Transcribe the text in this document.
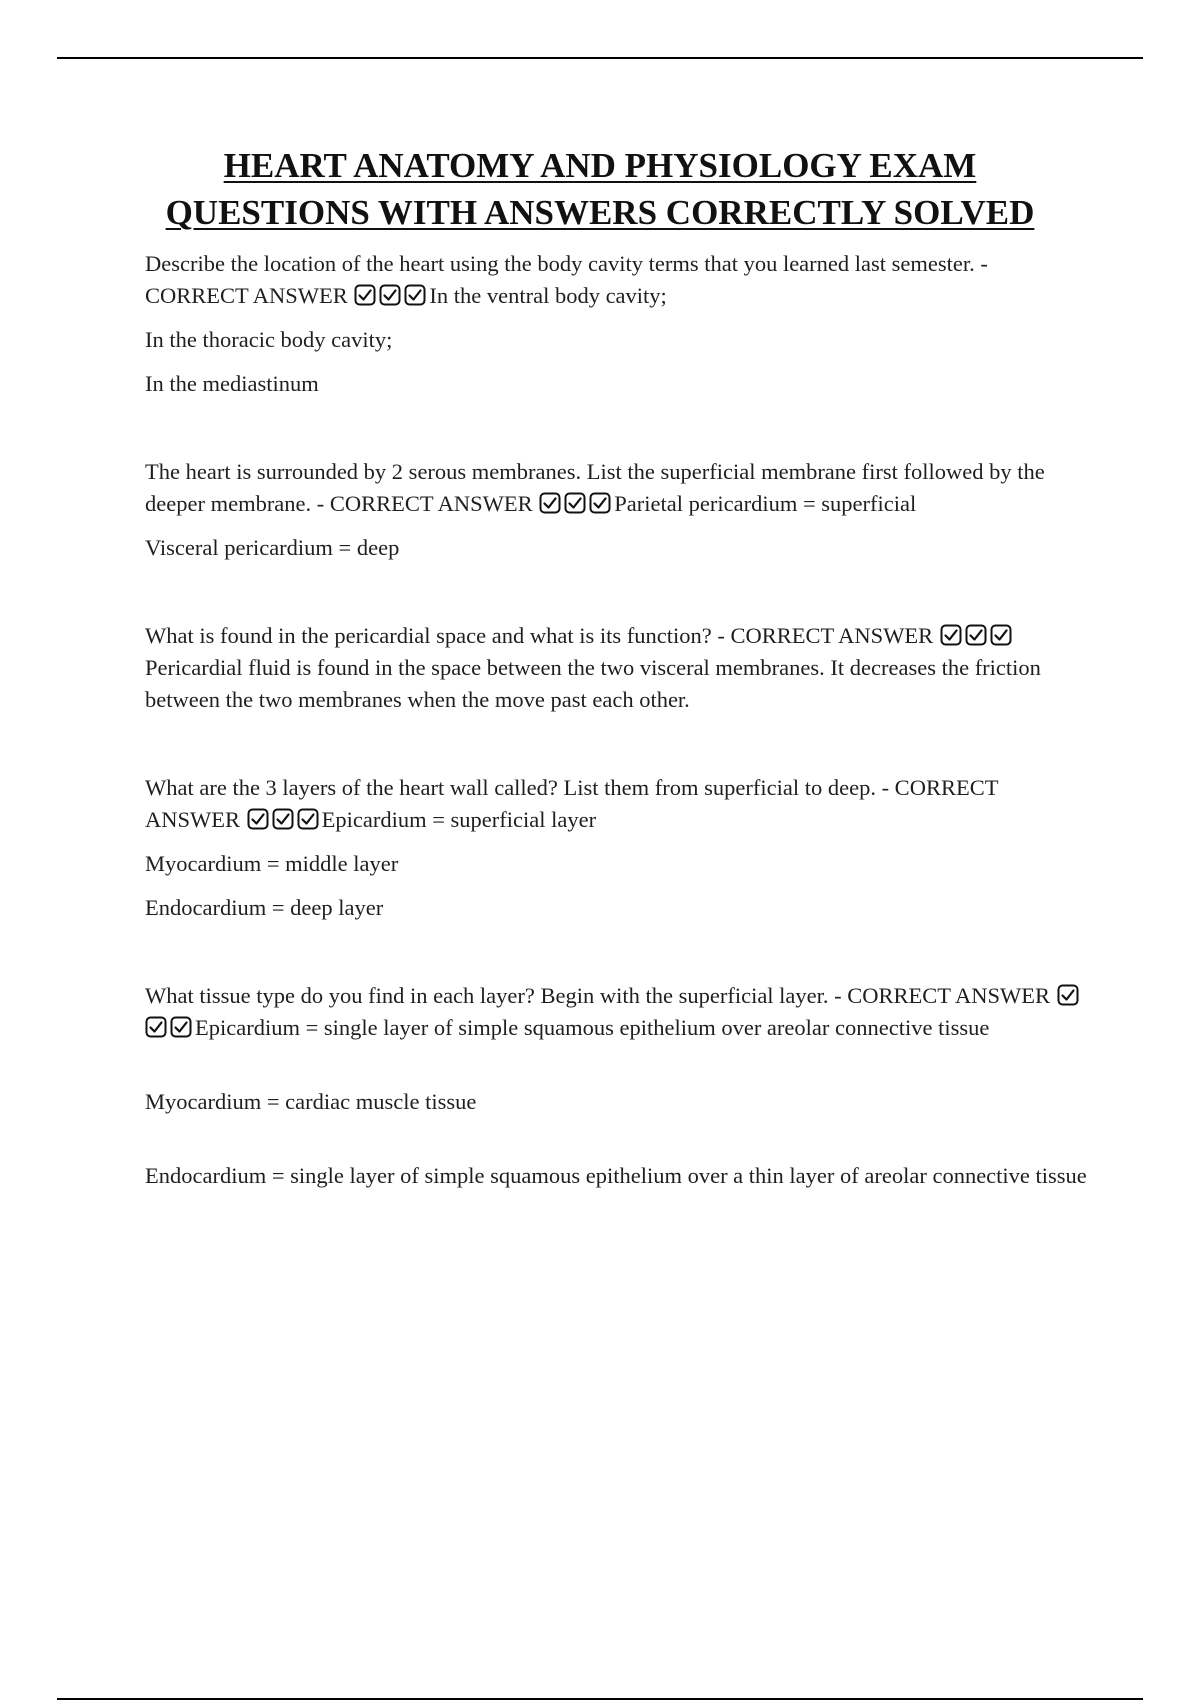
HEART ANATOMY AND PHYSIOLOGY EXAM
QUESTIONS WITH ANSWERS CORRECTLY SOLVED
Describe the location of the heart using the body cavity terms that you learned last semester. - CORRECT ANSWER	In the ventral body cavity;
In the thoracic body cavity;
In the mediastinum
The heart is surrounded by 2 serous membranes. List the superficial membrane first followed by the deeper membrane. - CORRECT ANSWER	Parietal pericardium = superficial
Visceral pericardium = deep
What is found in the pericardial space and what is its function? - CORRECT ANSWER Pericardial fluid is found in the space between the two visceral membranes. It decreases the friction between the two membranes when the move past each other.
What are the 3 layers of the heart wall called? List them from superficial to deep. - CORRECT ANSWER	Epicardium = superficial layer
Myocardium = middle layer
Endocardium = deep layer
What tissue type do you find in each layer? Begin with the superficial layer. - CORRECT ANSWER Epicardium = single layer of simple squamous epithelium over areolar connective tissue
Myocardium = cardiac muscle tissue
Endocardium = single layer of simple squamous epithelium over a thin layer of areolar connective tissue
